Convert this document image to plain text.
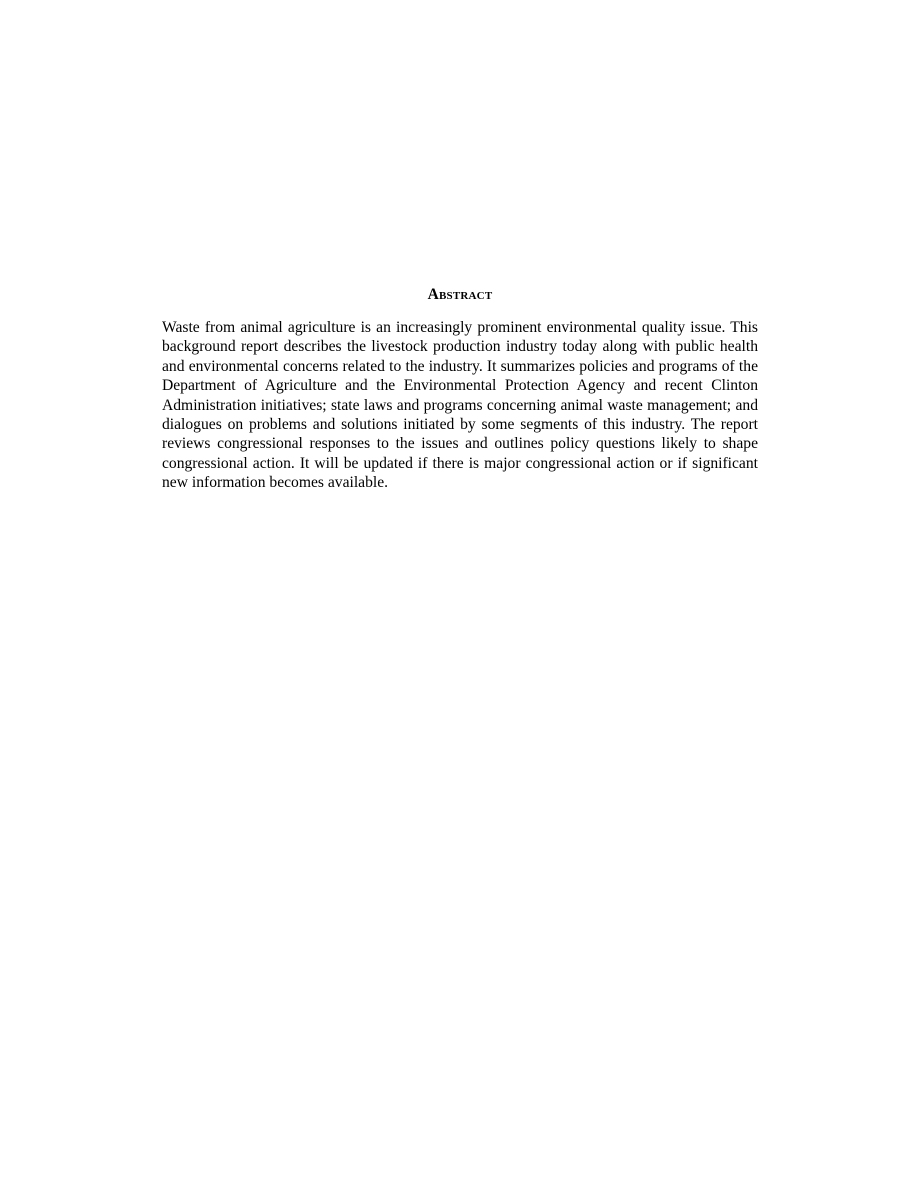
Abstract

Waste from animal agriculture is an increasingly prominent environmental quality issue. This background report describes the livestock production industry today along with public health and environmental concerns related to the industry. It summarizes policies and programs of the Department of Agriculture and the Environmental Protection Agency and recent Clinton Administration initiatives; state laws and programs concerning animal waste management; and dialogues on problems and solutions initiated by some segments of this industry. The report reviews congressional responses to the issues and outlines policy questions likely to shape congressional action. It will be updated if there is major congressional action or if significant new information becomes available.
